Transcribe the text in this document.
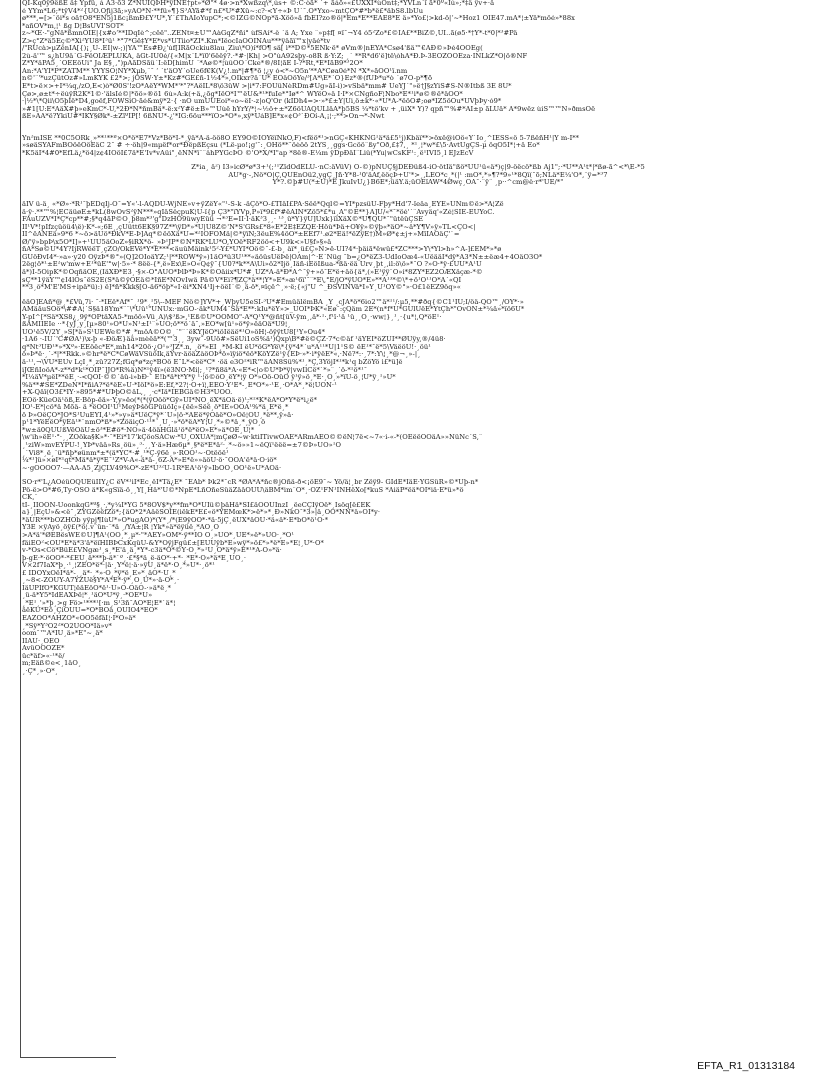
QÏ-Kq0ÿ9ëßE ä‡ Ÿpfü, á A3·õ3 Z*NÜÏQÞH*ÿÏÑE†pt»*Ø"* 4ø·>n*Xwßzq\*,ús+ ©:C·òã* ´+ ãáõ»«£ÜXXÏ*ùOnt‡;*YVLn´î ã*0º«Îú»;*‡ä ÿv+·ä
é ŸYm*L6;*tÿV4*²{ÜO.Oƒìj3ã;»yÃÖ*N·**fü»¶}S³ÄŸã#*f n£*Ü*#Xü~:c?·<Y÷«Þ Ü´¯.Ö*Yxo~mtÇÖ*#*b*ë£*äbS8.lbÜu
ø***,=[>¨öi*s oä†Ö8*ÉN5j1ßc¡ßmÐ£Y³Ü*,Ÿ´£ThÃIoYupC*;<©ÏZG©NÖp*ã-Xöö»ä fbÉÏ?zo®ö|*Em*Ë**ÊAÈ8*Ê ä»*Ÿo£¦>kd-ö|‘~*Hoz1 ÖIÉ47.mÄ*¦±Ÿä*möé»*88x
*añÕV*m,¦¹ ßg D¦BsÜVÍ'SÖT*
z~*Œ·-"gNä*ßmnÖÎË|{x#o‘**IDqÏè^;cëë"..ZÉNt¤±Ü™ÃàGqZ*ñi° ùfSÃi*-ê ´ä Ã; Yxe ¨»p‡f[ ¤ï¯¬Ÿ4 ó5²Zo*£©IÃ£**BiZ©,ÜÌ..ã(ø5·*†Ÿ*-t*0|*³#Pä
Z>ç°Z*ä5Eç©*Xi²YÜ8*Ï³ü¹ *°7*Gë‡Y*Ê*vs*ÜTiio*ZÏ*.Km*ÏëocIaÖOÎNAu***ÿäãï™x|yäé*tv
/"RÜcà>µZênÏÃ[{)¡¸Ü-.ËÏ|w-;)|YÄ™Es#Ð¿'úf[ÏRãOckiu8lau¸Ziu\*Ö)í*fÖ¶ sä[ ì**D©*5ÉÑk·ë* øVm®|nÉYÃ*Csø4'ßä™€ÄÐ©»Þé4ÖOEg(
2ù-ä'™ s¿hÜ9ä´G-FëÖIÆPLÜKA, äGt-IÜ0é/{«M|x´L*ï0'6ëëÿ?.·*#·|Kh| >Ö"ùÃ92sþy-o8R ß·Ÿ:Z; ¸´ **R*d6'ë]të\òhÃ*Ð.Þ-3EÖZÖÖEza·ÍNLkZ*O|ö®ÑF
Ž*Y*äPÃ5¸´OÉEöÜi" Ja Ë§¸,")pÂãDSãü´Ï:ëD[himU ´*Ãø©*¦ùûÖO´Cke*®/8Ï¦ãË Ï-?*Rt,*E*ÏãB9*³2O*
Än:*Ä'ŸÏ*P*ZATM** ŸÝŸSÖ¦ÑŸ*Xµb,¨¯ ‘ ´t'äÖÝ´oÜe6f€K(V¿!.m*|#¶*õ ¦¿y ó<*~Ö5n'**Ä*Cøa0é*Ñ *X*»ãÖÖ¹ï.nm
n©'¨'*uzÇütÖz#»LmKYK £2*>; jÖSW·Y±*Kz#*GË£ñ-1½4*»,ÖÏkxr?ä´Ü* ÉOäÖöYe/³[Ä*\Ë*´Ö}Ez*®(fÜÞ*u*ò ´ø7Ö-p*¶õ
E*t>ë×>+Ï*¼q‚/zÖ,É<)ò*Ø0S'!zO*ÃëŸ*WM*'*"?*ÀëIL*8\ö3üW >|i*7:FÖÜüNèRDm#Üg»ãÏ-i)>vSbä*mm# ÜeYJ´"»ë†J§zYiS#S-N®Ïtbß 3Ë 8Ü*
Çø>,ø±t*÷ëúÿR2K*1©·'älsÏé©|*õö»®ö1 6ù»Á:k(+ä,¿õg*ÏëO*Ï™ëÜ&*¹*fuIe*°Iø*^ WYëÖ»ä Ï·Ï*×CÑgñoF¦Ñbo*Ë*¹i*ø©®ë*äOÖ*
·|½*\*Qii\Ö5þIë*D4,goëf,FÖWSiÖ·ãé&mÿ*2·{ ·nÖ umÜÜEoi*«o~ëÏ·-z|oQ'Ör (kIDh4=>·»*£±Ÿ|Üi,ö±k*·«*U*Ã-*ëöÖ#;oø*ÏZ5öOu*ÜVþÞy·ó9*
»#1[Ü:Ë*ÃäX#þ»eKmC*-Ü,*2Ð*N*ñmBä*-ë:x²Ÿ#ë±B»™Üùë hYrŸ/*¦~½ö+±*Z6öÜAQÜLläÄ*þ5BS ¼*tö'kv + ,üiX* Y)? qpñ™%#*ÄÏ±p ãLÜä* Ä*9wëz ùiS™™Ñ»ðmsÖë
ßÉ»ÄÄ*ë?YkiÜ#*IKŸ§Øk*-±ZïºÏP[! 6ßÑÜ*-¿'*IG:6öu***ïÖ>*Ö*»,xÿ*ÜáB]Ë*x«¢Ö³`ÐÖí-A,¡¦·;**>Ön¬*-Ñwt
Yn²mÏSË **0C5ÖRk¸»**¹**ª×Ö*ö*Ë7*Vz*Bö*Ï-*¸ÿä*Ä-ä-öö8Ö EY9Ö©ÏÖYëïNkÖ,F)<fëö*¹>nGÇ«KHKNG¹ä*ä£5¹j)Kbäï**>öxë@iÖö«Ÿ`Ïo¸^ÏÉSS«ö 5-7ßëñH¹|Ÿ m-Ï**
»søäSŸÄFmBÖöëÖöÉäC 2¯ # ÷·öh|9«mµëf*or*ÐëpßEçsu (*Lë-µo!¡g'¯:¸ÖHö**¯öèöö 2tYS¸¸ggs·Gcöö¨ßy"Öð,£‡7,¸ *¹¸¦*w*£\5·ÄvtÜgÇS-µ öqÖ5Ï*¦+ä Ëo*
*K5äÏ*4#0*ÉfLä¿*ö4|z¢4ÏÖöÏ£7ä*Ë'Ïv*vÄüi"¸ëÑN*ï¨¨âhPYGcÞÖ ©'Ö*X/*Ï"ap *8ë®-Ë¼m ÿDpÐäÏ¨Liû(*Ÿu|wCsKF¹:¸ë¹IVÍ5¸l EJzEcV
Ž*ia¸ ä²) Ï3»icØ*ø*3+¹(;¹¹ZïdÖdÉLÜ-·nC:äVüV) Ö-©)pÑUÇ§jDEÐüß4-iÖ·ötÏä"ßö*ÜÛ¹ü«ä*)ç|9-öëcö*ßb Äj1";·*Ü**Ä¹t*|*ßø-ã^<*\É-*5
ÄÜ*g·-,Nö*Ö|Ç,QÜEnÖü2,ygÇ¸Jñ·Ÿ*8-¹0'äÄf,ëöçÞ+Ü'*>¸,LÉÖ*c¸*(|¹ :mÖ*,*»¶?*9»¹*8Qï(¯õ;NLä*Ë¼'Ö*,¨ÿ=*³7
Ÿ*?.©þ#Ü(*±Ü)*Ë JkuÍvÜ¿}B6Ë*;üäŸ.ä;üÖÉïÄW*4Øwç¸ÖÄ¯·¨ÿ¨ ¸p··^cm@ê·r*'ÜÊ/*"
äÏV ü-ä¸ «*Ø»·*R¹¯þÉDqÏj-Ö¯=Ÿ«'-l-ÃQDÜ-WjÑÉ»v+ÿZëŸ«"¹-S-k -äÇö*Ö-£TIäÏ£PÄ·Sëë*Qql©=ŸÏ*pzsüÜ-Fþy*Hd'7-ïeäa¸ËŸÉ»ÜÑm©ë>*Ã¦Zë
ä·ÿ·.**™%¦ËCäüøË±*kL(8wÖvS²ÿÑ***»qÏäSêçpuK¦Ü-ï{p Ç3*"ïŸVp,P»ï*9£f*#ëÄÏN*Zö5*£*u¸Ä"©E**}Ä]Ü/«*¯*öé'´¨Ävyäq'«Zé¦SÏË-ËÜYoC.
FÄuÜZV*Ï*Ç*cp**#;§*q4ãP©Ö¸þ8m*³'g"DzHÖ9üwyEüü ¬*³Ë=ÏÏ·Ï·äK³3¸¸· ¹³¸ü*Ÿ}ÿÜ]Üxk}ïiXäX©*Ü¶QÜ*¯"ütëüÇSË
IÏ¹V*!pÏfzçüöü4\ë)·K*-«;6Ë¸,çÜütt6ÉK§97Z**\ÿD*»*Ü|Ü8Ž©'Ñ*S'GRs£*8«Ë*2Ë‡EZQE·Höû*Þä+Ó¥ÿ»©ÿþ«*äÖ*~ä*Ÿ¶V»ÿ»TL<ÇÖ<|
ÏÏ^ëÃÑËä»9*6 *~ö>äÜö*ÐkV*Ë-Þ]Äq*©ëöXä*Ü=*²ÏÖFÖMä|©*ÿïÑ;3ëuË%4öÖ*±ËËf7¹.ø2*Ëä!*ëZÿÉ†)M»Ø*¢±j+»MîÏÃOäÇ'`=
Ø/'ÿ»bpÞ\x5Ö*Ï]»+¹ÜÜ5äÖoZ»§iRX*ö-_»Þ¹JP*©Ñ*RK*LÜ*Ö,ŸÖë*RF2öö<+Ü9k<»Ü§f»§»ä
ñÄ*Sø©Ü*4Ÿ?ÏjRWëëT¸çZÖ/ÖkÉVë*Ÿ*É***<äuüMäink¹5²-Ÿ£*ÜYÏ*Öö©¯-£-b¸ âï*¸ü£Ç»N>ë-ÜÏ?4*·þäiã*ëwü£*ZC***>Ÿ\*Ÿl>h»^Ä-]£EM*»*ø
GUöÐvI4*·»a»·y20 ÖÿzÞ*®°»(Q]2ÖIoäYZ;¹|**RÖW*ÿ»)1äÖ*ü3Ü¹**«äöüsUëÞë|ÖÃm|^·Ê´Ñüg ¯b=¿Ö*ëZ3-ÜdÌoÖæ4-«ÜëääI*dÿ*Ä3*Ñ±±ëæ4+4ÖäÖ3Ö*
2ëg¦ö*¹±Ë²w'mw+E¹*üË'°w|·5»·* 8ëë-{*,ë»Ëx\Ë»Ö«Q¢ÿ¯{Ü0?*k**Ã\Üi»ö2*Ïjö¸Ïäñ-iÉöÏßua-*ßä·ëä Ürv¸þt¸,il:ö\ö»*¯Ö ?»Ö·*ÿ·£ÜÜ*Ä¹Ü
ä*)Ï-5ÖipK*©ÖqñäÖË,(ÏäXÐ*Ë3¸·§×-Ö°ÃÜÔ*ÞlÞ*Þ»K*©Öäiix*Ü*#¸ÜZ*Ä-ä*Ð*Ä^¯ÿ+»ö¯Ë*ë+äö{ä*,(»Ë¹ÿÿ¨Ö»i*8ZY*ÉZ2ÖÆXäçæ-*©
sÇ**1ÿäŸ™¢Ï4lOs¯ëS2Ë(S*ä©ÿÖÉä©*ÏñË*ÑÖvÏwä Pä©V*Ëi?¶ZÇ*ä**¦Ÿ*»Ë*»æ¹6ï'¯¨*Ë\,°Ë/jO*ÿÜÖ*Ë»**A¹³*©\*+ö¹Ö¹¹Ö*Ä´«QI
**3¸ô*M'Ë'MS+ipä*ü):) ë]*ñ*Kkk§[Ö-ä6*öþ*«Ï·ëi*XÑ4¹Ïj+öëÏ´©¸ä-ö*,¤ïçë^¸»·ë;{«j"Ü ^_ÐSVÍNVä*Ï»Ÿ¸Ü¹ÖŸ©°»·Ö£1ëËZ9öq»«
ëäÖ]EÄñ*@¸*£Vü,7i· ¯·*ÏÊë*Äf*¯¸¹9*¸¹5\--MËF Ñö©]YV*+¸WþyÜ5eSÏ-³Ü*#ÉmüälëmBÄ ¸Ÿ ¸cJÄ*ö*6io2™ä*¹¹/:µ5,**#ðq{©C1¹ÏÜ;Ï/öä-QÖ™¸/ÖŸ*·»
ÄMäåuSÖö*\##Ä¦´S§ä18Ÿm*¨¨\*Üü¹"ÜÑUx:·mGÖ-·äk*ÜM4¯Sä*Ë**:kÏu*ëY»>_ÜÖÍ*ÞK*«Ëø¯:çQäm 2Ë*(n*f*Ü*GÜlÜëË*YtÇh*"ÖvÖÑ±*¼ä»*ïö6Ü*
Y-pÏ^[*Sä*XS8¿¸9ÿ*ÖPtäXÄ5-*möö»Vü¸Ä)\$³ß>,¹Ëß©Ü*ÖÖMÖ"-Ä*Q¹Ÿ*@ñt[üV-ÿm¸,ä*·¹·,f¹ï·¹ä ¹ü¸¸Ö¸·ww¦}¸¹¸·{u*¦,Q*öË¹·
ßÃMÏÏËÏe ··*{yJ¸y¸[µ»80¹»Ö*Ü»Ñ¹±Ì¹¨»ÜÖ;ö**ö´ä¯,»ÉÖ*w[ü¹»ö*ÿ»ëäÖä*Ü9¦¸
ÜÖ¹ë5V/2Ÿ¸»S[*ä»S¹ÜËWe©*#¸*möÄ©Ö©¸´"¨´ëKYJëÖ*iöIëäë*¹Ö»öH¦-öÿÿtÜ8[¹Ÿ»Öu4*
·1Ä6 ·-ÏÜ´'C#ØÄ¹)\x-þ «-ÐöÆ}äâ»mèëä**(™3¸¸ 3yw¯-9Üö#»SëÜi1oS%ä¹)Qxp\B*#ë©ÇZ·7*c©äf ¹äŸEÏ*öZÜÏ**ØUÿy,®/4ü8·
q*Ñt³ÜÐ¹*»*Xª»·ËËöëc*Ë*,mh14*20ö·¿Ö¹»³JZ*.n, ¸ö*»ËÏ ¸*M-KÏ ëÜ*öG*Ÿë\*{ÿ*4*´u*Ä¹¹*U|1¹S© ëË¹*¯ë*5\VäëöÜ!·¸öü¹
ö»Þ*ë·¸´-*|**Rkk.»©hr*ë*C*CøWäVSüöIk,äŸvr·äöäZâöÖÞ*ö»ïÿiö*ëö*KöYZë¹ÿ{ËÞ·»*·ì*ÿëÉ*«,·Ñë?*:·¸7*:Ÿ\¦¸*@¬¸»-|¸
ä·¹¹,¬\VÜ*ËÜv LçÏ¸*¸zü?27Ž;fGq*ø*zç*BÖö Ë¯L*<ëë*C* ·öä e3Ö¹*iR™äÄN8Sü%*¹¸*Ç,3ŸöjÏ*¹*k¹q bZöYö ì£*ü]ê
iJŒñÏoöÄ*-z**d*k¹*ÖÏP¯]JO*R%ä)Ñ*¹ÿ4ï»(ë3ÑÖ·Mi|;¸¹?*ñ8ä*Ä·«Ë*<|o©Ü*Þ*ÿ|vwÏlCë*`*»¨¸´ö-*¹ö*¹¯
*Ï¼äV*µëÏ**ëË¸·-<QOÏ·©©´äü-i»bÐ·¯ Ë!b*ä*t*Ÿ*ÿ ¹·¦ö©ôÖ¸ëY*¦ÿ Ö*»Öö-ÖüÖ ÿ¹ÿ»ö¸*Ë·¸Ö¸»*ïÜ-ö¸¦Ü*ÿ¸¹»Ü*
%ä**#SË*ŽDeN*Ï*ñiÄ?*ë*ëË»Ü·*ÏöÏ*ö»Ë:Ëf,*2?¦·Ö+ï¦,ËÉÖ·Ÿ¹Ë*-¸Ë*Ö*»·¹Ë¸·Ö*Ä*¸*ë¦ÜÖÑ·¹
+X-Qäï(Ö3£*ÏŸ·»895*#*ÜÞþÖ©äL,¸ ¸·c*Îä*ÏÉBGä©H3*ÜÖÖ.
ÊÖö·KüeÖä¹öß,Ë·Böp-ëä»·Ÿ,y»ëo(*(*(ÿÖöö*Gÿ»ÜÏ*ÑÖ¸ëX*äÖä·ë)¹;*¹*K*ëÄ*Ö*Ÿ*ë*i¿ë*
ÏÖ¹-Ë*|cö*ä Mõä- ä *ëÖÖÏ¹Ü¹MeýÞšöGPüüöÏç»{ëë»Sëë¸ö*ÏË»ÖÖÄ¹%*ä¸Ë*ë¸*
ö Þ»ÖëÇÖ*JÖ*S¹ÜuËŸÍ,4¹»*»y»ä*ÜëÇ*ÿ*´Ü»|ö·*ÄËë*ÿÖäë*Ö»Öë¦ÖÜ¸*ë**,ÿ»ä·
p¹1*ŸëÉëÖ*ÿËä¹*¨nmÖ*ß*»*ZöäiçÖ·¹¹*´¸Ü¸·»*ö*ëÄ*Ÿ¦Ü¸*»©*ä¸*¸ÿÖ¸ö
*w±ä0QÜUßVëÖäU±ö³*Ë#ö*·NÖ»ä·4öäHGlä¹ö*ë*ëÖ»Ë*»ä*ÖË¸Ü¦*
\w'ih»ëË¹·°·¸¸ZÖöka§K»*·¯*Ei*17'kÇöoSÄCw·*Ü¸ÖXÜÃ*¦mÇøØ~w·ktiÏTivwÖÄË*ÄRmÄËÖ©©ëN¦7ë<~7«·i-«-*(ÖÉëëÖÖäÄ»»NüNc´S,¨
¸¹ziW»mvEŸPÜ-!¸YÞ*vää»Rs¸öü»¸³·¸¸Ÿ·ä»Hæ6µ*¸§*ë*Ë*ä²·¸*~ö»»1~ëQï¹ëëë=±7©Þ»ÜÖ»¹Ö
¸`Vi8*¸ë¸¨ü*ñþ*øünm*±*(ä*ŸC*·#¸¹*Ç-ÿ6ë¸»·RÖÖ¹~·Ötëöë¹
¼*¹]ü»×øÏ*¹qt*Mä*ä*ÿ*Ë¯¹Z*V-Ä«-ä*ä-¸6Z-Ä*»Ë*ë»»äöÜ·ö·¯ÖÖÄ'ë*ä·Ö·iö*
~·gÖÖÖÖ7·—ÄÃ-Ä5¸ZjÇLV49%Ó*-zË*Ü³²Ü-1R*ÉA¹ö¹ÿ»ÏbÖÖ¸ÖÖ¹ë»Ü*ÄÖä·
SÖ·r*'L¿ÄÖéüÖQÜÉüÏÏŸ¿C ëV*¹iÏ*Ëc¸ëÏ*Tä¿Ë* ¯ËAb* Þk2*¯cR *ØÄ*Ä*ñc®jÖñä-ð<¡öE9¯~ Ÿö/ä¦¸br Zëÿ9- GIdË*ÏäE·YGSüR»©*Üþ-n*
Pö-ë>Ö*#6,Ty·OSÖ ä*K«gSïä-ö¸¸Y[¸Hä*'Ü©*NpÊ*LñOñeSüäZäåÖÜÜ\äBM*im¨Ö*¸·ÖZ¹FN¹ÏNHëXo[*kuS *ÄiäP*ëä*ÖÏ*iä·Ë*ü»*ö
CK,¨
tÏ-¸ÏÏÖÖN-ÜoonkqG*º§¸·,*y¼Ï*YG 5*8ÖV$*y**fm*Ö*ÜIü©þäHä*SÏ£äÖOÜInzÏ ¸ëeCÇÏÿÖë*¸Ïsöq[ë£ËK
a}¸|EçÜ»&<ë¯¸ZŸGZëëfZö*;{äÖ*2*ÄäëSÖIË(iëkE*Ë£«ö*YÉMœK*>ë*»*¸Ð»ÑkÖ¯*3»|ä¸ÖÖ*ÑN*ä»ÖÏ*y·
*äÜR***bÖZHÖb yÿpj¶IùÜ*»Ö*ugAÖ)*(Ÿ*¸/*(É9ÿÖÖ*·*ä·5jÇ¸ëÜX*äÖU·*ä«ä*·Ë*bÖ*ö¹Ö·*
Ÿ3Ë ×ÿÄyö¸öÿ£(*ö¦.v¨ün·¨*ä ¸/ŸÄ±¦R ¦Ÿk*»ä*ëÿüë¸*ÄÖ¸Ö
>Ä*ä'*ØEBësWË©U]¶Ä¹(ÖÖ¸*¸µ*·"*ÄEŸ»ÖM*·ÿ**ÏÖ Ö¸»ÜÖ*¸ÜÉ*»ë*»ÜÖ·¸*Ö¹
fäiËÖ²<ÖÜ*Ë*ä*3'ä*ëïHIBÞCxKqüU-&Ÿ*ÖÿjFgü£±[ÉÜUÿb*Ë»wÿ*»ö£*»*ë*Ë»*Ë¦¸Ü*·Ö*
v-*Ös<Cö*BüË£VNgæ¹¸s¸*Ë'ä¸ä¸*Ÿ*-c3ä*Ö*©Ÿ·Ö¸*»¹Ü¸Ö*ä*ÿ»Ë*¹*Ä-Ö»*ä·
þ-gË·*·öÖÖ*·*£ËÜ¸ä***þ-ä*`ª¸·£*§*ä¸ë-äÖ*·+*·¸*Ë*·Ö»*ä*Ë¸ÜÖ¸·
V×2f7ÏaX*þ¸·¹¸¦ZËÖ*ë*·|ä·¸Ÿ*ë¦·ä·»ÿÜ¸ä*ë*·Ö¸*»Ü*·¸ö*¹
£ IDÖŸxÖëÏ*ä*-¸¸ä*·¸*»·Ö¸*ÿ*ë¸Ë»*¸äÖ*·Ü¸*
¸~8<-ZÖUŸ-Ä7ŸZÜë§Ÿ*Ä*Ë*·ÿ*¸Ö¸Ü*»·ä-Ö*¸·
ÏäÜPÏfÕ*KGÜT¦ëäËöÖ*ë¹·Ü»Ö-ÖäÖ-·»ä*ë¸*
¸ü-ä*Ÿ5*ÏdÉAXÞë¦*¸¹äÖ*Ü*ÿ¸·*ÖË*Ü»
¸*E¹¸'»*þ¸>g Fö>¹***¹[·m¸S¹3ñ¯ÃÖ*Ë¦Ë*`ä*¦
äëKÜ*Ëö¸ÇiÖÜÜ=*Ö*BÖä¸ÖÜÏÖ4*ËÖ*
ÉÄZÖÖ*ÄHZÖ*«ÖÖ5ëfäI¦·Ï*Ö»ä*
¸*Sÿ*Ÿ³Ö2²*Ö2ÜÖÖ*Ïä»v*
oomˆ™Ä*ÏÜ¸ä»*Ê"~¸ä*
ÏÏÄÜ·¸ÖËÖ
ÄvüÖÖÖZË*
üc*äf>«·¹*ë/
m;Ëäß©e<¸1äÖ¸
¸·Ç*¸»·Ö*¸
EFTA_R1_01313184
